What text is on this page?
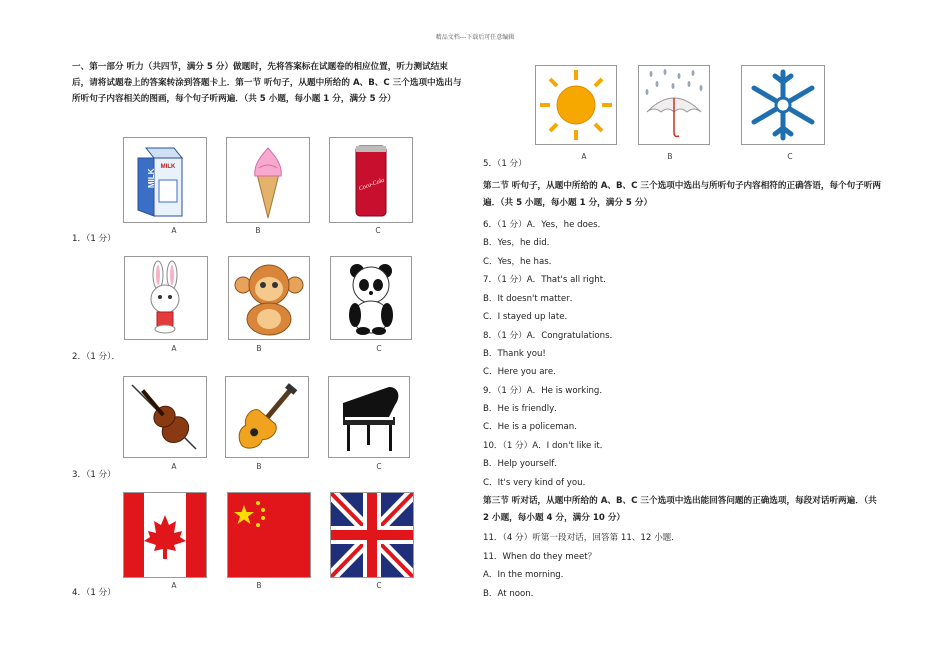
精品文档---下载后可任意编辑
一、第一部分 听力（共四节，满分 5 分）做题时，先将答案标在试题卷的相应位置，听力测试结束后，请将试题卷上的答案转涂到答题卡上．第一节 听句子，从题中所给的 A、B、C 三个选项中选出与所听句子内容相关的图画，每个句子听两遍．（共 5 小题，每小题 1 分，满分 5 分）
MILK
MILK	Coca-Cola
A	B	C
1．（1 分）
A	B	C
2．（1 分）．
A	B	C
3．（1 分）
A	B	C
4．（1 分）
A	B	C
5．（1 分）
第二节 听句子，从题中所给的 A、B、C 三个选项中选出与所听句子内容相符的正确答语，每个句子听两遍．（共 5 小题，每小题 1 分，满分 5 分）
6．（1 分）A．Yes，he does．
B．Yes，he did．
C．Yes，he has．
7．（1 分）A．That's all right．
B．It doesn't matter．
C．I stayed up late．
8．（1 分）A．Congratulations．
B．Thank you!
C．Here you are．
9．（1 分）A．He is working．
B．He is friendly．
C．He is a policeman．
10．（1 分）A．I don't like it．
B．Help yourself．
C．It's very kind of you．
第三节 听对话，从题中所给的 A、B、C 三个选项中选出能回答问题的正确选项，每段对话听两遍．（共 2 小题，每小题 4 分，满分 10 分）
11．（4 分）听第一段对话，回答第 11、12 小题．
11．When do they meet？
A．In the morning．
B．At noon．
